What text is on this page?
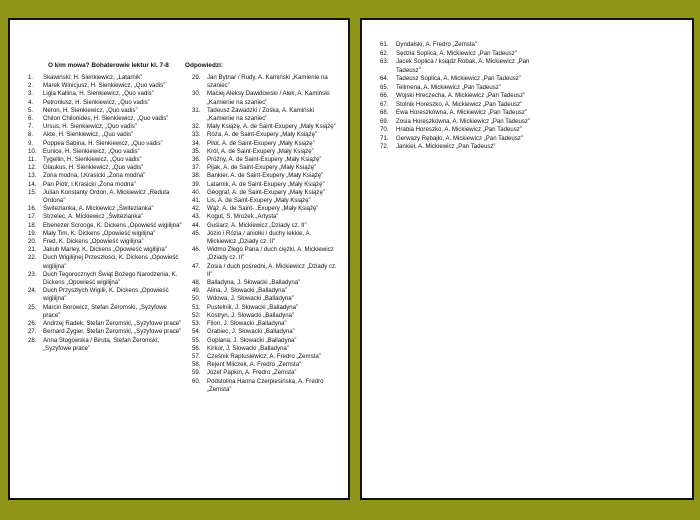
O kim mowa? Bohaterowie lektur kl. 7-8	Odpowiedzi:
1. Skawiński; H. Sienkiewicz, „Latarnik”
2. Marek Winicjusz, H. Sienkiewicz, „Quo vadis”
3. Ligia Kallina, H. Sienkiewicz, „Quo vadis”
4. Petroniusz, H. Sienkiewicz, „Quo vadis”
5. Neron, H. Sienkiewicz, „Quo vadis”
6. Chilon Chilonides, H. Sienkiewicz, „Quo vadis”
7. Ursus, H. Sienkiewicz, „Quo vadis”
8. Akte, H. Sienkiewicz, „Quo vadis”
9. Poppea Sabina, H. Sienkiewicz, „Quo vadis”
10. Eunice, H. Sienkiewicz, „Quo vadis”
11. Tygellin, H. Sienkiewicz, „Quo vadis”
12. Glaukus, H. Sienkiewicz, „Quo vadis”
13. Zona modna, I.Krasicki „Żona modna”
14. Pan Piotr, I.Krasicki „Żona modna”
15. Julian Konstanty Ordon, A. Mickiewicz „Reduta Ordona”
16. Świtezianka, A. Mickiewicz „Świtezianka”
17. Strzelec, A. Mickiewicz „Świtezianka”
18. Ebenezer Scrooge, K. Dickens „Opowieść wigilijna”
19. Mały Tim, K. Dickens „Opowieść wigilijna”
20. Fred, K. Dickens „Opowieść wigilijna”
21. Jakub Marley, K. Dickens „Opowieść wigilijna”
22. Duch Wigilijnej Przeszłości, K. Dickens „Opowieść wigilijna”
23. Duch Tegorocznych Świąt Bożego Narodzenia, K. Dickens „Opowieść wigilijna”
24. Duch Przyszłych Wigilii, K. Dickens „Opowieść wigilijna”
25. Marcin Borowicz, Stefan Żeromski, „Syzyfowe prace”
26. Andrzej Radek, Stefan Żeromski, „Syzyfowe prace”
27. Bernard Zygier, Stefan Żeromski, „Syzyfowe prace”
28. Anna Stogowska / Biruta, Stefan Żeromski, „Syzyfowe prace”
29. Jan Bytnar / Rudy, A. Kamiński „Kamienie na szaniec”
30. Maciej Aleksy Dawidowski / Alek, A. Kamiński „Kamienie na szaniec”
31. Tadeusz Zawadzki / Zośka, A. Kamiński „Kamienie na szaniec”
32. Mały Książę, A. de Saint-Exupery „Mały Książę”
33. Róża, A. de Saint-Exupery „Mały Książę”
34. Pilot, A. de Saint-Exupery „Mały Książę”
35. Król, A. de Saint-Exupery „Mały Książę”
36. Próżny, A. de Saint-Exupery „Mały Książę”
37. Pijak, A. de Saint-Exupery „Mały Książę”
38. Bankier, A. de Saint-Exupery „Mały Książę”
39. Latarnik, A. de Saint-Exupery „Mały Książę”
40. Geograf, A. de Saint-Exupery „Mały Książę”
41. Lis, A. de Saint-Exupery „Mały Książę”
42. Wąż, A. de Saint-..Exupery „Mały Książę”
43. Kogut, S. Mrożek „Artysta”
44. Guślarz, A. Mickiewicz „Dziady cz. II”
45. Józio i Rózia / aniołki / duchy lekkie, A. Mickiewicz „Dziady cz. II”
46. Widmo Złego Pana / duch ciężki, A. Mickiewicz „Dziady cz. II”
47. Zosia / duch pośredni, A. Mickiewicz „Dziady cz. II”
48. Balladyna, J. Słowacki „Balladyna”
49. Alina, J. Słowacki „Balladyna”
50. Wdowa, J. Słowacki „Balladyna”
51. Pustelnik, J. Słowacki „Balladyna”
52. Kostryn, J. Słowacki „Balladyna”
53. Filon, J. Słowacki „Balladyna”
54. Grabiec, J. Słowacki „Balladyna”
55. Goplana, J. Słowacki „Balladyna”
56. Kirkor, J. Słowacki „Balladyna”
57. Cześnik Raptusiewicz, A. Fredro „Zemsta”
58. Rejent Milczek, A. Fredro „Zemsta”
59. Józef Papkin, A. Fredro „Zemsta”
60. Podstolina Hanna Czerpiesińska, A. Fredro „Zemsta”
61. Dyndalski, A. Fredro „Zemsta”
62. Sędzia Soplica, A. Mickiewicz „Pan Tadeusz”
63. Jacek Soplica / ksiądz Robak, A. Mickiewicz „Pan Tadeusz”
64. Tadeusz Soplica, A. Mickiewicz „Pan Tadeusz”
65. Telimena, A. Mickiewicz „Pan Tadeusz”
66. Wojski Hreczecha, A. Mickiewicz „Pan Tadeusz”
67. Stolnik Horeszko, A. Mickiewicz „Pan Tadeusz”
68. Ewa Horeszkówna, A. Mickiewicz „Pan Tadeusz”
69. Zosia Horeszkówna, A. Mickiewicz „Pan Tadeusz”
70. Hrabia Horeszko, A. Mickiewicz „Pan Tadeusz”
71. Gerwazy Rębajło, A. Mickiewicz „Pan Tadeusz”
72. Jankiel, A. Mickiewicz „Pan Tadeusz”
